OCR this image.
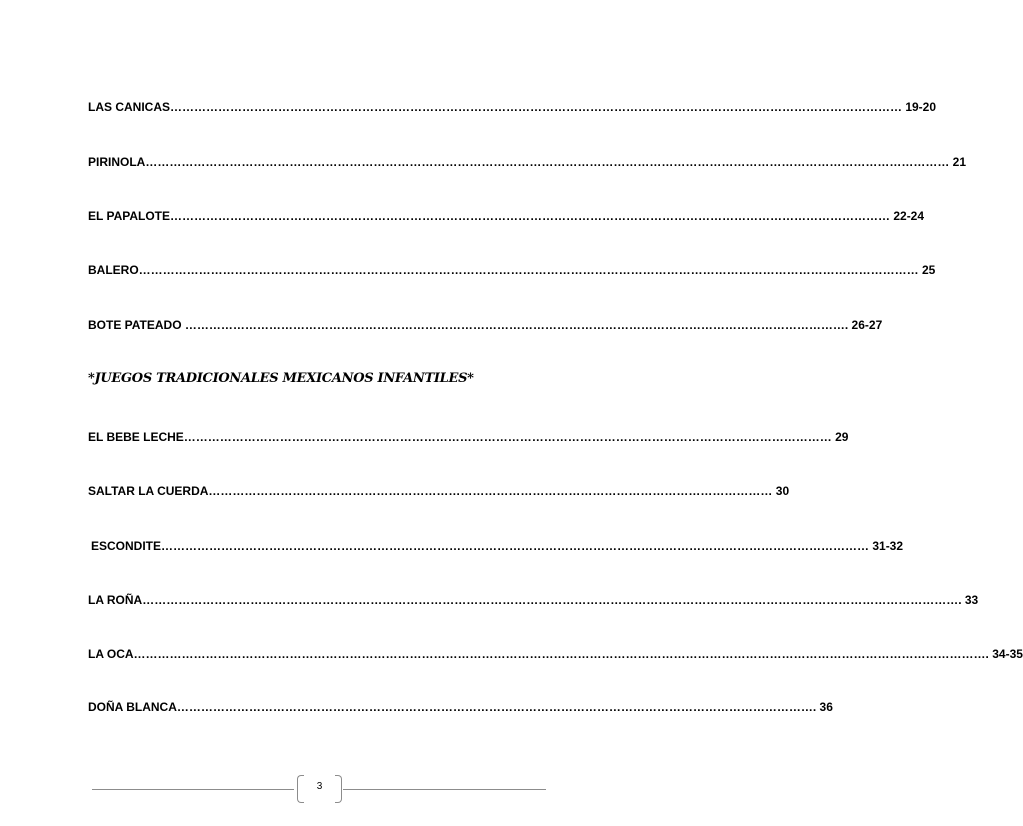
LAS CANICAS………………………………………………………………………………………………………………………………………………………………… 19-20
PIRINOLA………………………………………………………………………………………………………………………………………………………………………………… 21
EL PAPALOTE……………………………………………………………………………………………………………………………………………………………… 22-24
BALERO…………………………………………………………………………………………………………………………………………………………………………… 25
BOTE PATEADO …………………………………………………………………………………………………………………………………………………. 26-27
*JUEGOS TRADICIONALES MEXICANOS INFANTILES*
EL BEBE LECHE……………………………………………………………………………………………………………………………………………… 29
SALTAR LA CUERDA…………………………………………………………………………………………………………………………… 30
ESCONDITE…………………………………………………………………………………………………………………………………………………………… 31-32
LA ROÑA……………………………………………………………………………………………………………………………………………………………………………………. 33
LA OCA……………………………………………………………………………………………………………………………………………………………………………………………. 34-35
DOÑA BLANCA……………………………………………………………………………………………………………………………………………. 36
3
